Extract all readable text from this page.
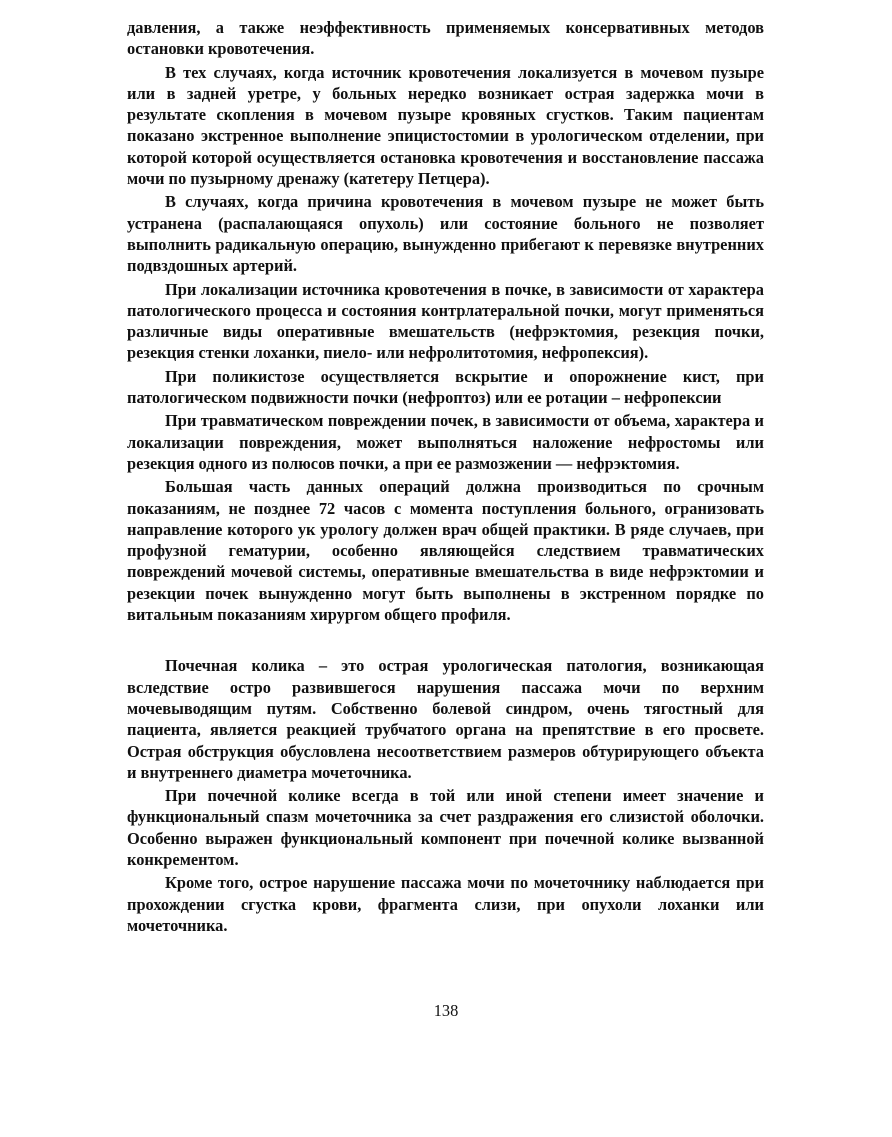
давления, а также неэффективность применяемых консервативных методов остановки кровотечения.

В тех случаях, когда источник кровотечения локализуется в мочевом пузыре или в задней уретре, у больных нередко возникает острая задержка мочи в результате скопления в мочевом пузыре кровяных сгустков. Таким пациентам показано экстренное выполнение эпицистостомии в урологическом отделении, при которой которой осуществляется остановка кровотечения и восстановление пассажа мочи по пузырному дренажу (катетеру Петцера).

В случаях, когда причина кровотечения в мочевом пузыре не может быть устранена (распалающаяся опухоль) или состояние больного не позволяет выполнить радикальную операцию, вынужденно прибегают к перевязке внутренних подвздошных артерий.

При локализации источника кровотечения в почке, в зависимости от характера патологического процесса и состояния контрлатеральной почки, могут применяться различные виды оперативные вмешательств (нефрэктомия, резекция почки, резекция стенки лоханки, пиело- или нефролитотомия, нефропексия).

При поликистозе осуществляется вскрытие и опорожнение кист, при патологическом подвижности почки (нефроптоз) или ее ротации – нефропексии

При травматическом повреждении почек, в зависимости от объема, характера и локализации повреждения, может выполняться наложение нефростомы или резекция одного из полюсов почки, а при ее размозжении — нефрэктомия.

Большая часть данных операций должна производиться по срочным показаниям, не позднее 72 часов с момента поступления больного, огранизовать направление которого ук урологу должен врач общей практики. В ряде случаев, при профузной гематурии, особенно являющейся следствием травматических повреждений мочевой системы, оперативные вмешательства в виде нефрэктомии и резекции почек вынужденно могут быть выполнены в экстренном порядке по витальным показаниям хирургом общего профиля.

Почечная колика – это острая урологическая патология, возникающая вследствие остро развившегося нарушения пассажа мочи по верхним мочевыводящим путям. Собственно болевой синдром, очень тягостный для пациента, является реакцией трубчатого органа на препятствие в его просвете. Острая обструкция обусловлена несоответствием размеров обтурирующего объекта и внутреннего диаметра мочеточника.

При почечной колике всегда в той или иной степени имеет значение и функциональный спазм мочеточника за счет раздражения его слизистой оболочки. Особенно выражен функциональный компонент при почечной колике вызванной конкрементом.

Кроме того, острое нарушение пассажа мочи по мочеточнику наблюдается при прохождении сгустка крови, фрагмента слизи, при опухоли лоханки или мочеточника.

138
